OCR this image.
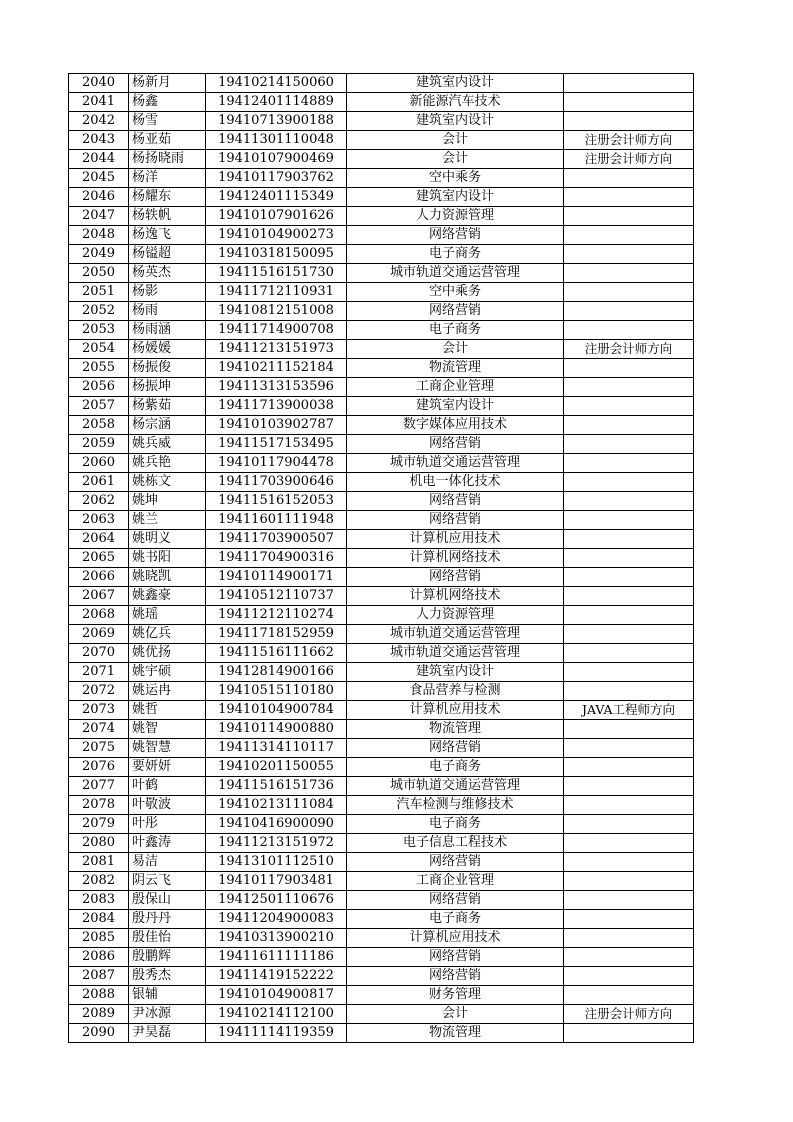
2040	杨新月	19410214150060	建筑室内设计	
2041	杨鑫	19412401114889	新能源汽车技术	
2042	杨雪	19410713900188	建筑室内设计	
2043	杨亚茹	19411301110048	会计	注册会计师方向
2044	杨扬晓雨	19410107900469	会计	注册会计师方向
2045	杨洋	19410117903762	空中乘务	
2046	杨耀东	19412401115349	建筑室内设计	
2047	杨轶帆	19410107901626	人力资源管理	
2048	杨逸飞	19410104900273	网络营销	
2049	杨镒超	19410318150095	电子商务	
2050	杨英杰	19411516151730	城市轨道交通运营管理	
2051	杨影	19411712110931	空中乘务	
2052	杨雨	19410812151008	网络营销	
2053	杨雨涵	19411714900708	电子商务	
2054	杨媛媛	19411213151973	会计	注册会计师方向
2055	杨振俊	19410211152184	物流管理	
2056	杨振坤	19411313153596	工商企业管理	
2057	杨紫茹	19411713900038	建筑室内设计	
2058	杨宗涵	19410103902787	数字媒体应用技术	
2059	姚兵威	19411517153495	网络营销	
2060	姚兵艳	19410117904478	城市轨道交通运营管理	
2061	姚栋文	19411703900646	机电一体化技术	
2062	姚坤	19411516152053	网络营销	
2063	姚兰	19411601111948	网络营销	
2064	姚明义	19411703900507	计算机应用技术	
2065	姚书阳	19411704900316	计算机网络技术	
2066	姚晓凯	19410114900171	网络营销	
2067	姚鑫豪	19410512110737	计算机网络技术	
2068	姚瑶	19411212110274	人力资源管理	
2069	姚亿兵	19411718152959	城市轨道交通运营管理	
2070	姚优扬	19411516111662	城市轨道交通运营管理	
2071	姚宇硕	19412814900166	建筑室内设计	
2072	姚运冉	19410515110180	食品营养与检测	
2073	姚哲	19410104900784	计算机应用技术	JAVA工程师方向
2074	姚智	19410114900880	物流管理	
2075	姚智慧	19411314110117	网络营销	
2076	要妍妍	19410201150055	电子商务	
2077	叶鹤	19411516151736	城市轨道交通运营管理	
2078	叶敬波	19410213111084	汽车检测与维修技术	
2079	叶彤	19410416900090	电子商务	
2080	叶鑫涛	19411213151972	电子信息工程技术	
2081	易洁	19413101112510	网络营销	
2082	阴云飞	19410117903481	工商企业管理	
2083	殷保山	19412501110676	网络营销	
2084	殷丹丹	19411204900083	电子商务	
2085	殷佳怡	19410313900210	计算机应用技术	
2086	殷鹏辉	19411611111186	网络营销	
2087	殷秀杰	19411419152222	网络营销	
2088	银辅	19410104900817	财务管理	
2089	尹冰源	19410214112100	会计	注册会计师方向
2090	尹昊磊	19411114119359	物流管理	
